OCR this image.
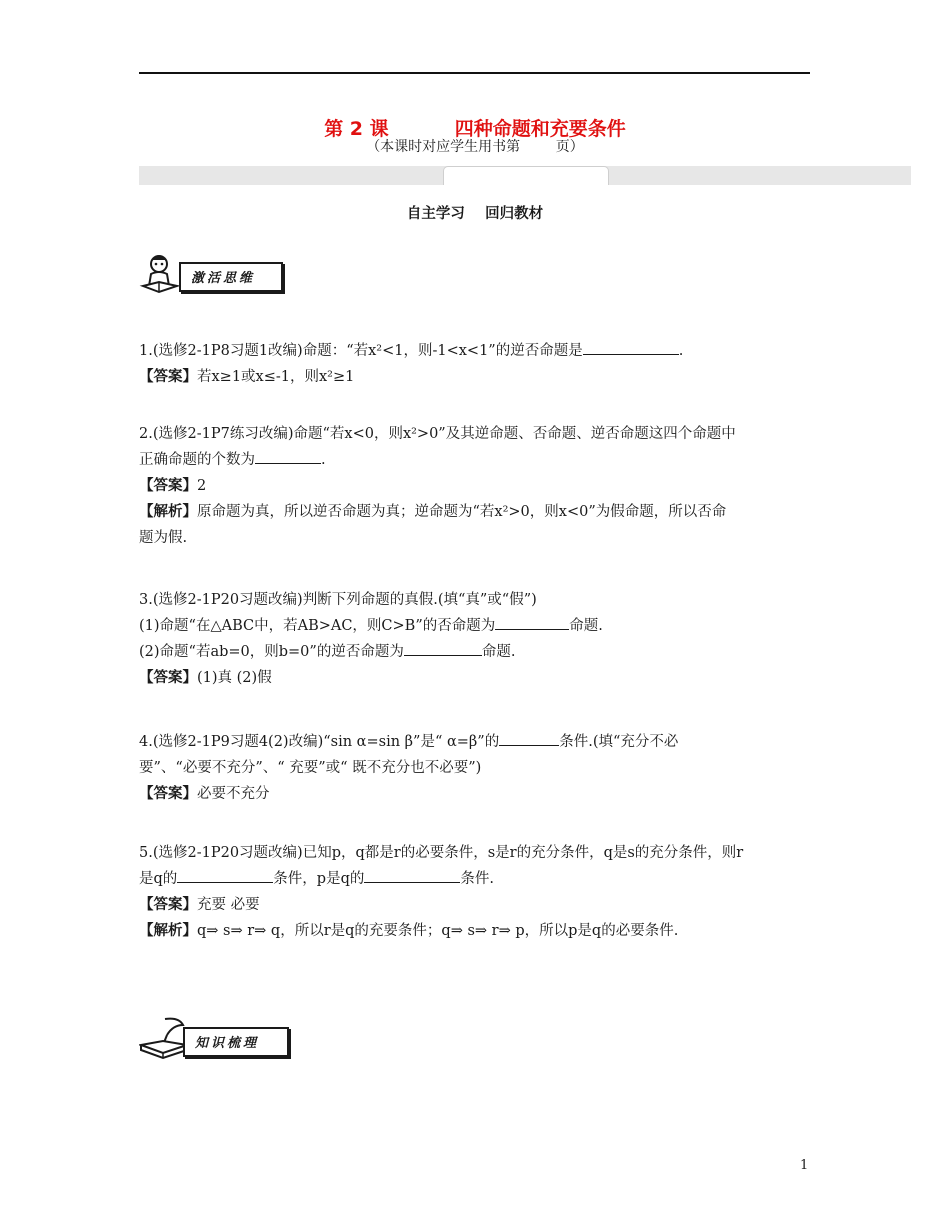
第 2 课          四种命题和充要条件
（本课时对应学生用书第        页）
自主学习    回归教材
激活思维

1.(选修2-1P8习题1改编)命题：“若x²<1，则-1<x<1”的逆否命题是	.

【答案】若x≥1或x≤-1，则x²≥1

2.(选修2-1P7练习改编)命题“若x<0，则x²>0”及其逆命题、否命题、逆否命题这四个命题中

正确命题的个数为	.

【答案】2

【解析】原命题为真，所以逆否命题为真；逆命题为“若x²>0，则x<0”为假命题，所以否命

题为假.

3.(选修2-1P20习题改编)判断下列命题的真假.(填“真”或“假”)

(1)命题“在△ABC中，若AB>AC，则C>B”的否命题为	命题.

(2)命题“若ab=0，则b=0”的逆否命题为	命题.

【答案】(1)真 (2)假

4.(选修2-1P9习题4(2)改编)“sin α=sin β”是“ α=β”的	条件.(填“充分不必

要”、“必要不充分”、“ 充要”或“ 既不充分也不必要”)

【答案】必要不充分

5.(选修2-1P20习题改编)已知p，q都是r的必要条件，s是r的充分条件，q是s的充分条件，则r

是q的	条件，p是q的	条件.

【答案】充要 必要

【解析】q⇒ s⇒ r⇒ q，所以r是q的充要条件；q⇒ s⇒ r⇒ p，所以p是q的必要条件.

知识梳理
1
